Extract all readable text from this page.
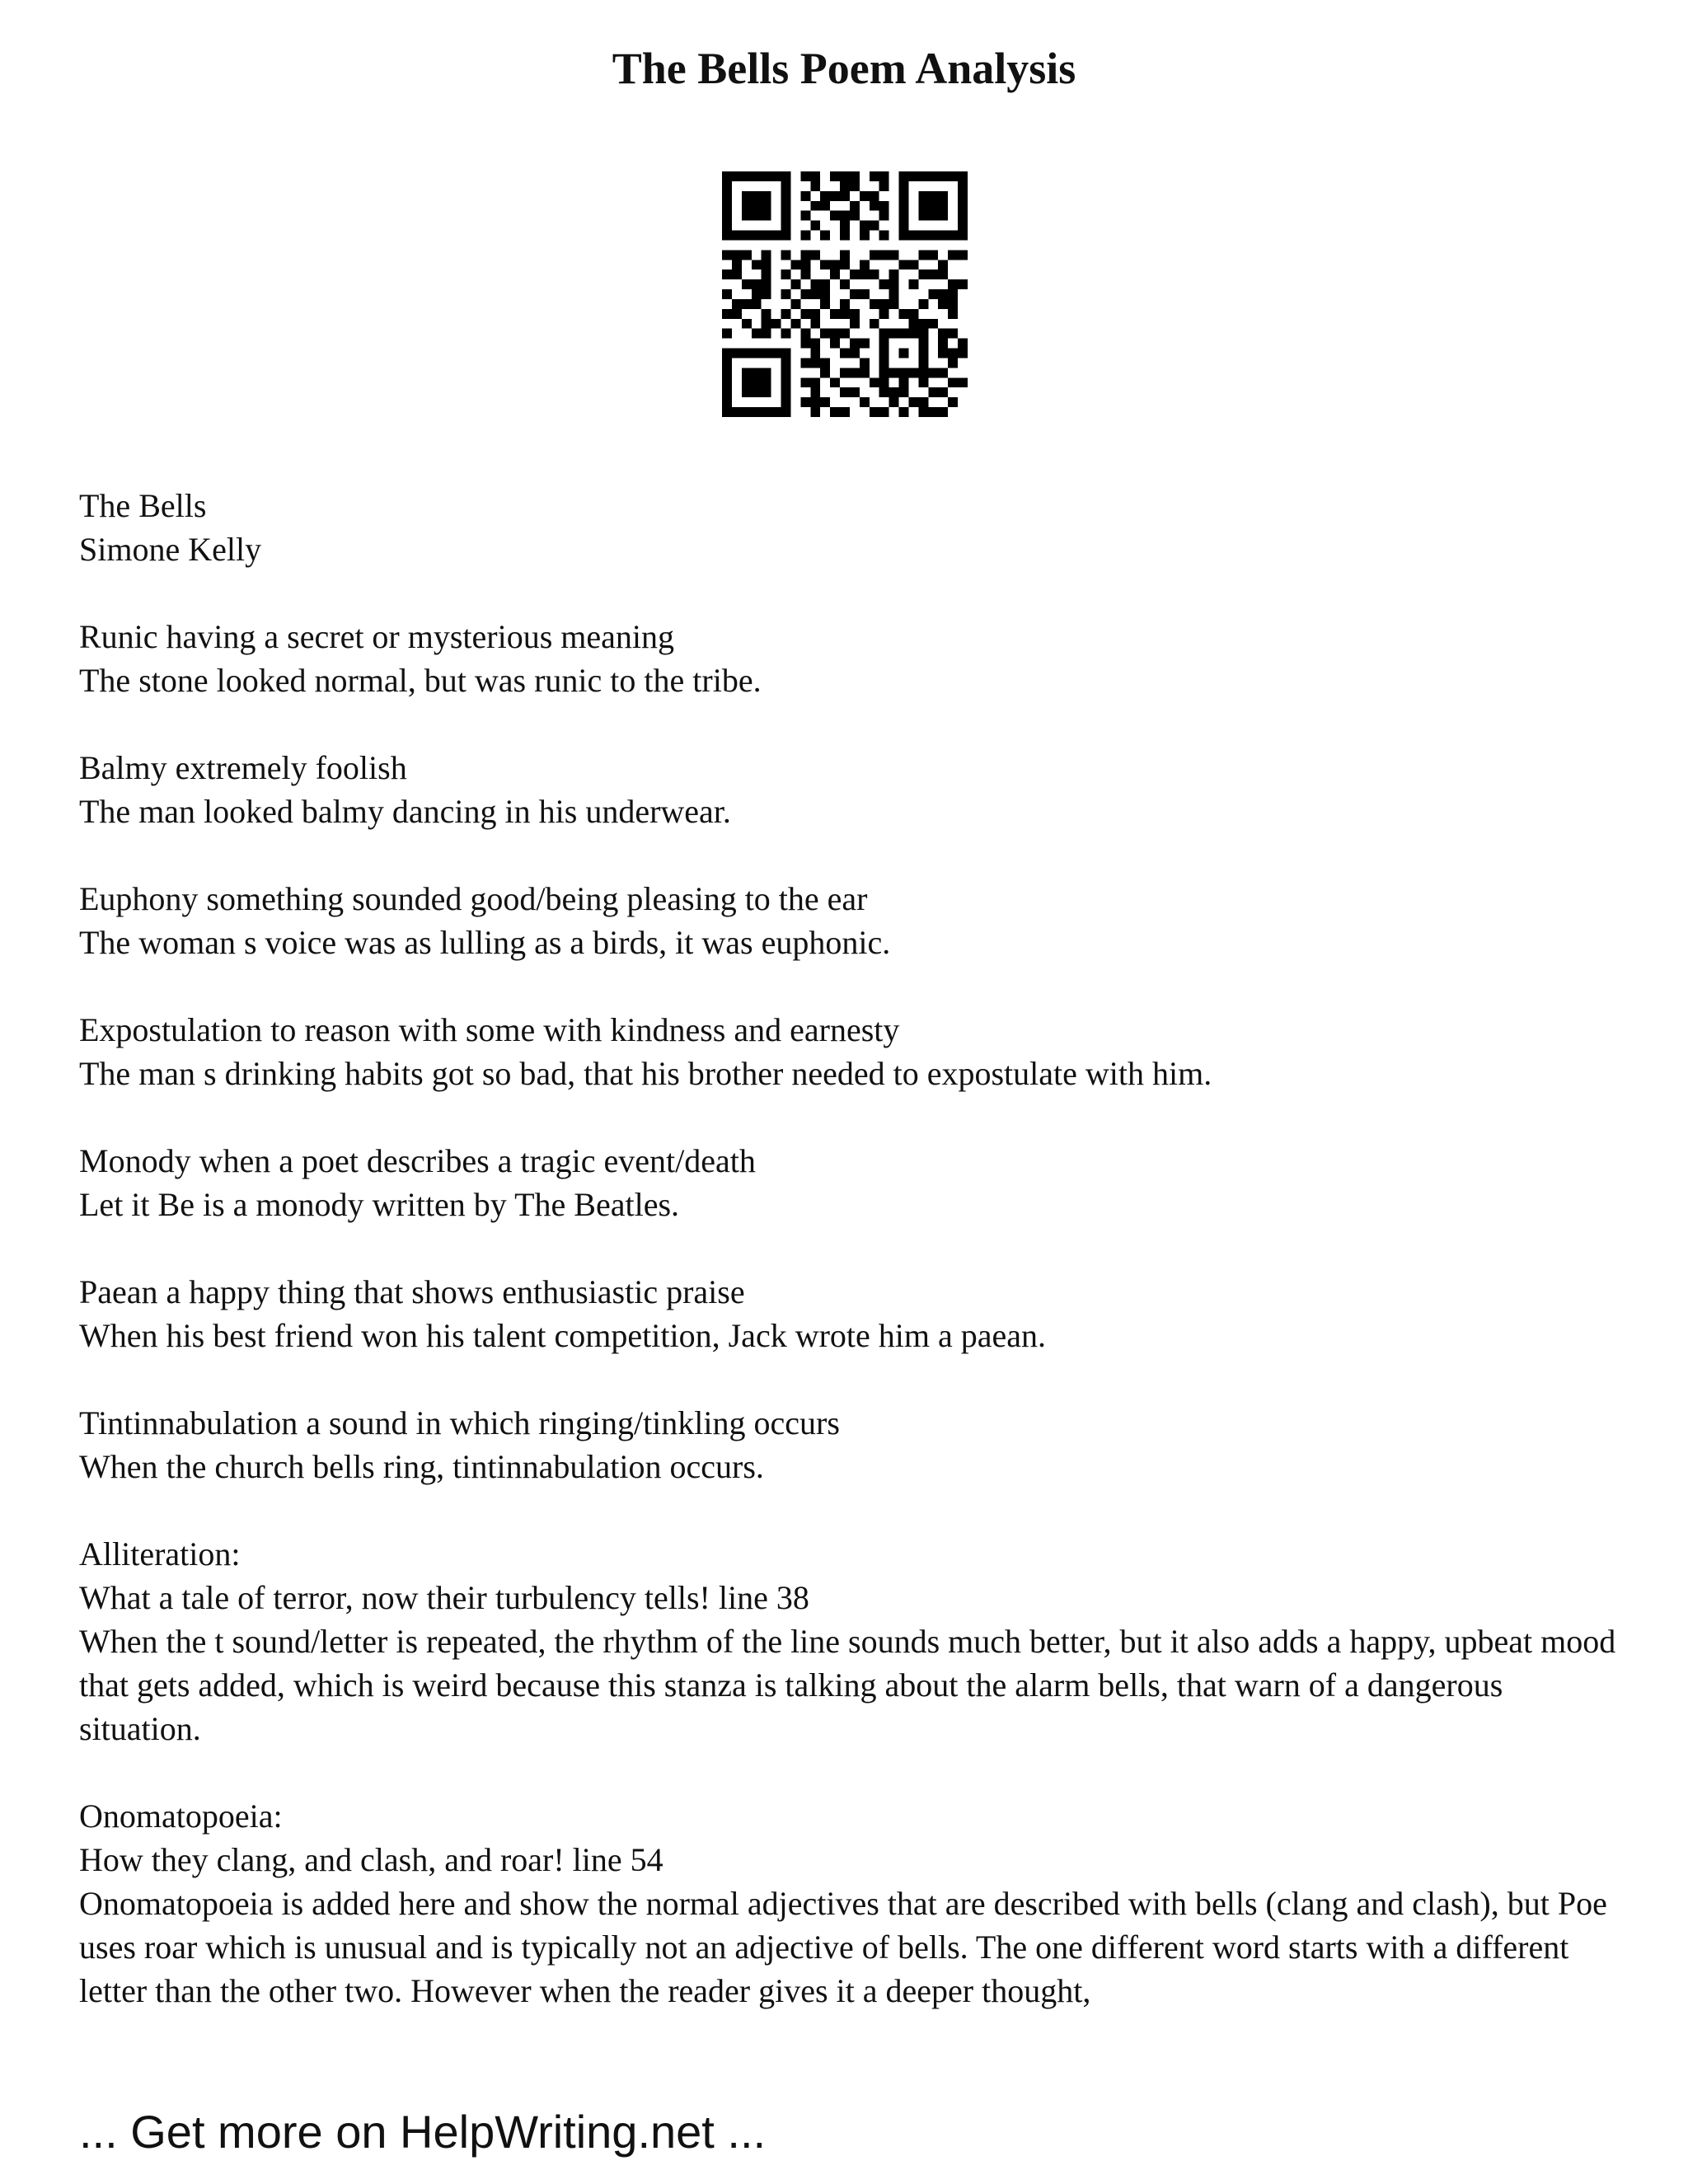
The Bells Poem Analysis
The Bells
Simone Kelly
Runic having a secret or mysterious meaning
The stone looked normal, but was runic to the tribe.
Balmy extremely foolish
The man looked balmy dancing in his underwear.
Euphony something sounded good/being pleasing to the ear
The woman s voice was as lulling as a birds, it was euphonic.
Expostulation to reason with some with kindness and earnesty
The man s drinking habits got so bad, that his brother needed to expostulate with him.
Monody when a poet describes a tragic event/death
Let it Be is a monody written by The Beatles.
Paean a happy thing that shows enthusiastic praise
When his best friend won his talent competition, Jack wrote him a paean.
Tintinnabulation a sound in which ringing/tinkling occurs
When the church bells ring, tintinnabulation occurs.
Alliteration:
What a tale of terror, now their turbulency tells! line 38
When the t sound/letter is repeated, the rhythm of the line sounds much better, but it also adds a happy, upbeat mood that gets added, which is weird because this stanza is talking about the alarm bells, that warn of a dangerous situation.
Onomatopoeia:
How they clang, and clash, and roar! line 54
Onomatopoeia is added here and show the normal adjectives that are described with bells (clang and clash), but Poe uses roar which is unusual and is typically not an adjective of bells. The one different word starts with a different letter than the other two. However when the reader gives it a deeper thought,
... Get more on HelpWriting.net ...
